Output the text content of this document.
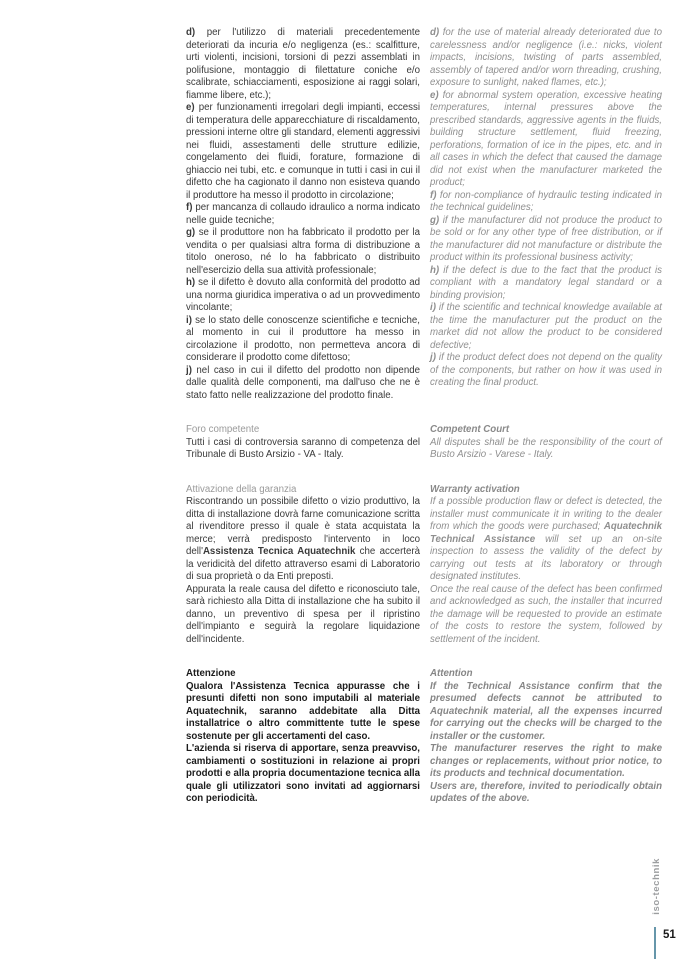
d) per l'utilizzo di materiali precedentemente deteriorati da incuria e/o negligenza (es.: scalfitture, urti violenti, incisioni, torsioni di pezzi assemblati in polifusione, montaggio di filettature coniche e/o scalibrate, schiacciamenti, esposizione ai raggi solari, fiamme libere, etc.);

e) per funzionamenti irregolari degli impianti, eccessi di temperatura delle apparecchiature di riscaldamento, pressioni interne oltre gli standard, elementi aggressivi nei fluidi, assestamenti delle strutture edilizie, congelamento dei fluidi, forature, formazione di ghiaccio nei tubi, etc. e comunque in tutti i casi in cui il difetto che ha cagionato il danno non esisteva quando il produttore ha messo il prodotto in circolazione;

f) per mancanza di collaudo idraulico a norma indicato nelle guide tecniche;

g) se il produttore non ha fabbricato il prodotto per la vendita o per qualsiasi altra forma di distribuzione a titolo oneroso, né lo ha fabbricato o distribuito nell'esercizio della sua attività professionale;

h) se il difetto è dovuto alla conformità del prodotto ad una norma giuridica imperativa o ad un provvedimento vincolante;

i) se lo stato delle conoscenze scientifiche e tecniche, al momento in cui il produttore ha messo in circolazione il prodotto, non permetteva ancora di considerare il prodotto come difettoso;

j) nel caso in cui il difetto del prodotto non dipende dalle qualità delle componenti, ma dall'uso che ne è stato fatto nelle realizzazione del prodotto finale.

d) for the use of material already deteriorated due to carelessness and/or negligence (i.e.: nicks, violent impacts, incisions, twisting of parts assembled, assembly of tapered and/or worn threading, crushing, exposure to sunlight, naked flames, etc.);

e) for abnormal system operation, excessive heating temperatures, internal pressures above the prescribed standards, aggressive agents in the fluids, building structure settlement, fluid freezing, perforations, formation of ice in the pipes, etc. and in all cases in which the defect that caused the damage did not exist when the manufacturer marketed the product;

f) for non-compliance of hydraulic testing indicated in the technical guidelines;

g) if the manufacturer did not produce the product to be sold or for any other type of free distribution, or if the manufacturer did not manufacture or distribute the product within its professional business activity;

h) if the defect is due to the fact that the product is compliant with a mandatory legal standard or a binding provision;

i) if the scientific and technical knowledge available at the time the manufacturer put the product on the market did not allow the product to be considered defective;

j) if the product defect does not depend on the quality of the components, but rather on how it was used in creating the final product.

Foro competente

Tutti i casi di controversia saranno di competenza del Tribunale di Busto Arsizio - VA - Italy.

Competent Court

All disputes shall be the responsibility of the court of Busto Arsizio - Varese - Italy.

Attivazione della garanzia

Riscontrando un possibile difetto o vizio produttivo, la ditta di installazione dovrà farne comunicazione scritta al rivenditore presso il quale è stata acquistata la merce; verrà predisposto l'intervento in loco dell'Assistenza Tecnica Aquatechnik che accerterà la veridicità del difetto attraverso esami di Laboratorio di sua proprietà o da Enti preposti.

Appurata la reale causa del difetto e riconosciuto tale, sarà richiesto alla Ditta di installazione che ha subito il danno, un preventivo di spesa per il ripristino dell'impianto e seguirà la regolare liquidazione dell'incidente.

Warranty activation

If a possible production flaw or defect is detected, the installer must communicate it in writing to the dealer from which the goods were purchased; Aquatechnik Technical Assistance will set up an on-site inspection to assess the validity of the defect by carrying out tests at its laboratory or through designated institutes.

Once the real cause of the defect has been confirmed and acknowledged as such, the installer that incurred the damage will be requested to provide an estimate of the costs to restore the system, followed by settlement of the incident.

Attenzione

Qualora l'Assistenza Tecnica appurasse che i presunti difetti non sono imputabili al materiale Aquatechnik, saranno addebitate alla Ditta installatrice o altro committente tutte le spese sostenute per gli accertamenti del caso.

L'azienda si riserva di apportare, senza preavviso, cambiamenti o sostituzioni in relazione ai propri prodotti e alla propria documentazione tecnica alla quale gli utilizzatori sono invitati ad aggiornarsi con periodicità.

Attention

If the Technical Assistance confirm that the presumed defects cannot be attributed to Aquatechnik material, all the expenses incurred for carrying out the checks will be charged to the installer or the customer.

The manufacturer reserves the right to make changes or replacements, without prior notice, to its products and technical documentation.

Users are, therefore, invited to periodically obtain updates of the above.

iso-technik
51
